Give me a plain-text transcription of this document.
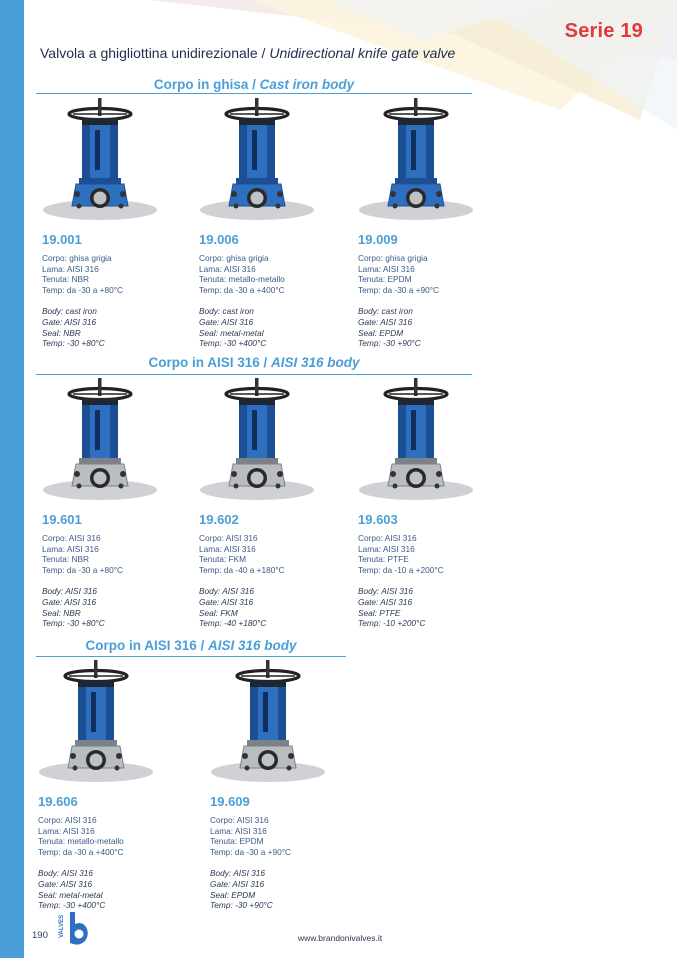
Serie 19
Valvola a ghigliottina unidirezionale / Unidirectional knife gate valve
Corpo in ghisa / Cast iron body
Corpo in AISI 316 / AISI 316 body
Corpo in AISI 316 / AISI 316 body
19.001
Corpo: ghisa grigia
Lama: AISI 316
Tenuta: NBR
Temp: da -30 a +80°C
Body: cast iron
Gate: AISI 316
Seal: NBR
Temp: -30 +80°C
19.006
Corpo: ghisa grigia
Lama: AISI 316
Tenuta: metallo-metallo
Temp: da -30 a +400°C
Body: cast iron
Gate: AISI 316
Seal: metal-metal
Temp: -30 +400°C
19.009
Corpo: ghisa grigia
Lama: AISI 316
Tenuta: EPDM
Temp: da -30 a +90°C
Body: cast iron
Gate: AISI 316
Seal: EPDM
Temp: -30 +90°C
19.601
Corpo: AISI 316
Lama: AISI 316
Tenuta: NBR
Temp: da -30 a +80°C
Body: AISI 316
Gate: AISI 316
Seal: NBR
Temp: -30 +80°C
19.602
Corpo: AISI 316
Lama: AISI 316
Tenuta: FKM
Temp: da -40 a +180°C
Body: AISI 316
Gate: AISI 316
Seal: FKM
Temp: -40 +180°C
19.603
Corpo: AISI 316
Lama: AISI 316
Tenuta: PTFE
Temp: da -10 a +200°C
Body: AISI 316
Gate: AISI 316
Seal: PTFE
Temp: -10 +200°C
19.606
Corpo: AISI 316
Lama: AISI 316
Tenuta: metallo-metallo
Temp: da -30 a +400°C
Body: AISI 316
Gate: AISI 316
Seal: metal-metal
Temp: -30 +400°C
19.609
Corpo: AISI 316
Lama: AISI 316
Tenuta: EPDM
Temp: da -30 a +90°C
Body: AISI 316
Gate: AISI 316
Seal: EPDM
Temp: -30 +90°C
190 VALVES	www.brandonivalves.it
